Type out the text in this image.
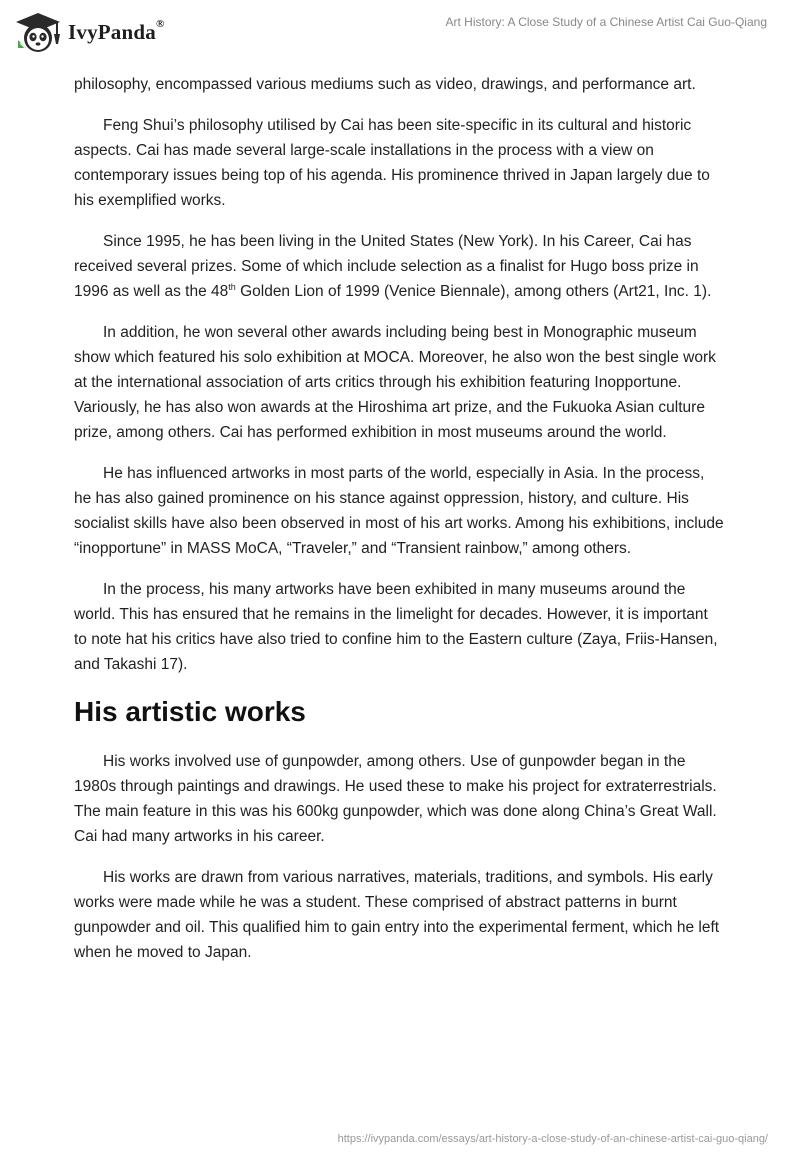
IvyPanda®	Art History: A Close Study of a Chinese Artist Cai Guo-Qiang

philosophy, encompassed various mediums such as video, drawings, and performance art.

Feng Shui’s philosophy utilised by Cai has been site-specific in its cultural and historic aspects. Cai has made several large-scale installations in the process with a view on contemporary issues being top of his agenda. His prominence thrived in Japan largely due to his exemplified works.

Since 1995, he has been living in the United States (New York). In his Career, Cai has received several prizes. Some of which include selection as a finalist for Hugo boss prize in 1996 as well as the 48th Golden Lion of 1999 (Venice Biennale), among others (Art21, Inc. 1).

In addition, he won several other awards including being best in Monographic museum show which featured his solo exhibition at MOCA. Moreover, he also won the best single work at the international association of arts critics through his exhibition featuring Inopportune. Variously, he has also won awards at the Hiroshima art prize, and the Fukuoka Asian culture prize, among others. Cai has performed exhibition in most museums around the world.

He has influenced artworks in most parts of the world, especially in Asia. In the process, he has also gained prominence on his stance against oppression, history, and culture. His socialist skills have also been observed in most of his art works. Among his exhibitions, include “inopportune” in MASS MoCA, “Traveler,” and “Transient rainbow,” among others.

In the process, his many artworks have been exhibited in many museums around the world. This has ensured that he remains in the limelight for decades. However, it is important to note hat his critics have also tried to confine him to the Eastern culture (Zaya, Friis-Hansen, and Takashi 17).

His artistic works

His works involved use of gunpowder, among others. Use of gunpowder began in the 1980s through paintings and drawings. He used these to make his project for extraterrestrials. The main feature in this was his 600kg gunpowder, which was done along China’s Great Wall. Cai had many artworks in his career.

His works are drawn from various narratives, materials, traditions, and symbols. His early works were made while he was a student. These comprised of abstract patterns in burnt gunpowder and oil. This qualified him to gain entry into the experimental ferment, which he left when he moved to Japan.

https://ivypanda.com/essays/art-history-a-close-study-of-an-chinese-artist-cai-guo-qiang/
